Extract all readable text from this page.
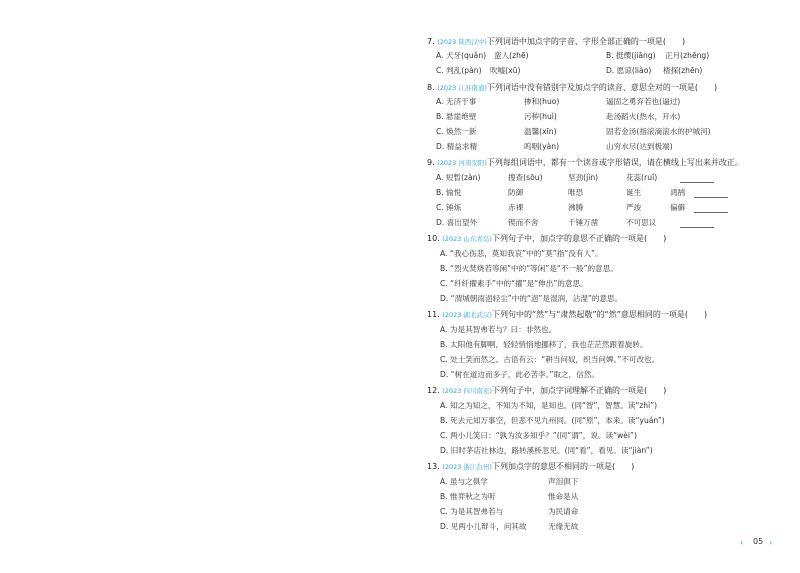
7. (2023 陕西汉中)下列词语中加点字的字音、字形全部正确的一项是(　　)
A. 犬牙(quǎn) 蛮人(zhē)	B. 挺缨(jiāng) 正月(zhēng)
C. 判乱(pàn) 吹嘘(xū)	D. 愿谅(liào) 楂探(zhēn)
8. (2023 江苏南通)下列词语中没有错别字及加点字的读音、意思全对的一项是(　　)
A. 无济于事	掺和(huo)	逼固之勇弃若也(逼过)
B. 悬崖绝壁	污秽(huì)	赴汤蹈火(热水，开水)
C. 焕然一新	温馨(xīn)	固若金汤(指滚滴滚水的护城河)
D. 精益求精	呜咽(yàn)	山穷水尽(达到极端)
9. (2023 河南安阳)下列每组词语中，都有一个读音或字形错误，请在横线上写出来并改正。
A. 短暂(zàn)	搜查(sōu)	坚劲(jìn)	花蕊(ruǐ)
B. 愉悦	防御	唯恐	诞生	鸿鹄
C. 锤炼	赤裸	沸腾	严竣	偏僻
D. 喜出望外	锲而不舍	千锤万凿	不可思议
10. (2023 山东青岛)下列句子中，加点字的意思不正确的一项是(　　)
A. “我心伤悲，莫知我哀”中的“莫”指“没有人”。
B. “烈火焚烧若等闲”中的“等闲”是“不一般”的意思。
C. “纤纤擢素手”中的“擢”是“伸出”的意思。
D. “渭城朝雨浥轻尘”中的“浥”是湿润，沾湿”的意思。
11. (2023 湖北武汉)下列句中的“然”与“肃然起敬”的“然”意思相同的一项是(　　)
A. 为是其智弗若与？曰：非然也。
B. 太阳他有脚啊，轻轻悄悄地挪移了，我也茫茫然跟着旋转。
C. 处士笑而然之。古语有云：“耕当问奴，织当问婢。”不可改也。
D. “树在道边而多子，此必苦李。”取之，信然。
12. (2023 四川南充)下列句子中，加点字词理解不正确的一项是(　　)
A. 知之为知之，不知为不知，是知也。(同“智”，智慧。读“zhì”)
B. 死去元知万事空，但悲不见九州同。(同“原”，本来。读“yuán”)
C. 两小儿笑曰：“孰为汝多知乎？”(同“谓”，说。读“wèi”)
D. 旧时茅店社林边，路转溪桥忽见。(同“看”，看见。读“jiàn”)
13. (2023 浙江台州)下列加点字的意思不相同的一项是(　　)
A. 虽与之俱学	声泪俱下
B. 惟弈秋之为听	惟命是从
C. 为是其智弗若与	为民请命
D. 见两小儿辩斗，问其故	无缘无故
‹ 05 ›
